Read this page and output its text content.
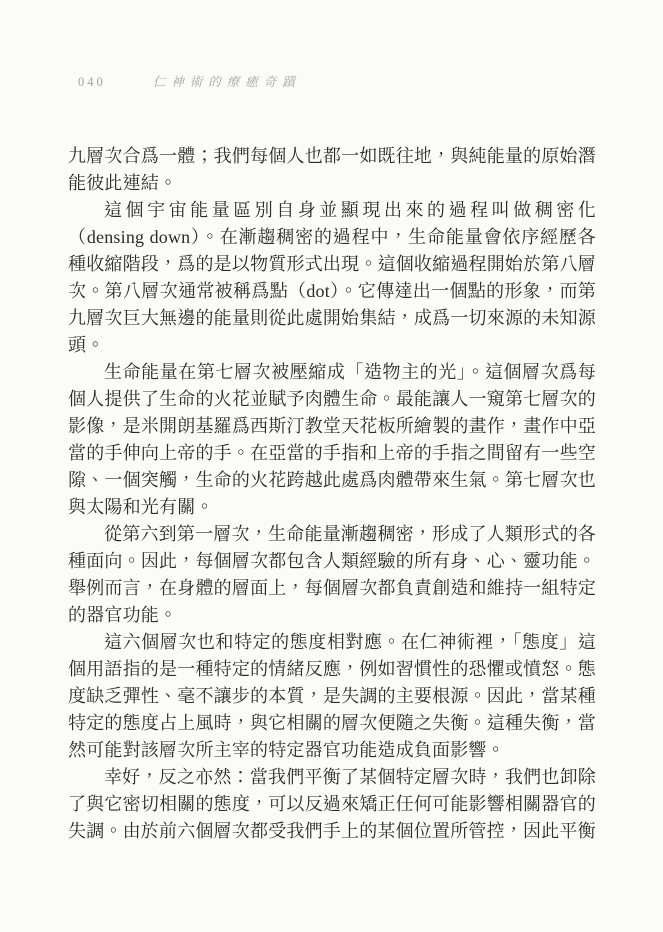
040	仁神術的療癒奇蹟

九層次合爲一體；我們每個人也都一如既往地，與純能量的原始潛能彼此連結。

這個宇宙能量區別自身並顯現出來的過程叫做稠密化（densing down）。在漸趨稠密的過程中，生命能量會依序經歷各種收縮階段，爲的是以物質形式出現。這個收縮過程開始於第八層次。第八層次通常被稱爲點（dot）。它傳達出一個點的形象，而第九層次巨大無邊的能量則從此處開始集結，成爲一切來源的未知源頭。

生命能量在第七層次被壓縮成「造物主的光」。這個層次爲每個人提供了生命的火花並賦予肉體生命。最能讓人一窺第七層次的影像，是米開朗基羅爲西斯汀教堂天花板所繪製的畫作，畫作中亞當的手伸向上帝的手。在亞當的手指和上帝的手指之間留有一些空隙、一個突觸，生命的火花跨越此處爲肉體帶來生氣。第七層次也與太陽和光有關。

從第六到第一層次，生命能量漸趨稠密，形成了人類形式的各種面向。因此，每個層次都包含人類經驗的所有身、心、靈功能。舉例而言，在身體的層面上，每個層次都負責創造和維持一組特定的器官功能。

這六個層次也和特定的態度相對應。在仁神術裡，「態度」這個用語指的是一種特定的情緒反應，例如習慣性的恐懼或憤怒。態度缺乏彈性、毫不讓步的本質，是失調的主要根源。因此，當某種特定的態度占上風時，與它相關的層次便隨之失衡。這種失衡，當然可能對該層次所主宰的特定器官功能造成負面影響。

幸好，反之亦然：當我們平衡了某個特定層次時，我們也卸除了與它密切相關的態度，可以反過來矯正任何可能影響相關器官的失調。由於前六個層次都受我們手上的某個位置所管控，因此平衡
